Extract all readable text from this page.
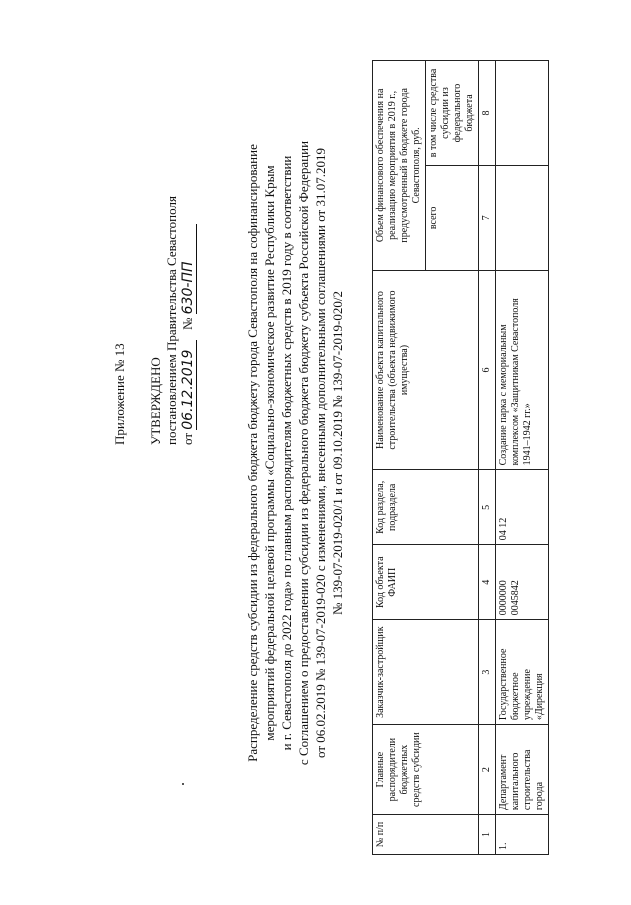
Приложение № 13 УТВЕРЖДЕНО постановлением Правительства Севастополя от 06.12.2019   № 630-ПП	Распределение средств субсидии из федерального бюджета бюджету города Севастополя на софинансирование мероприятий федеральной целевой программы «Социально-экономическое развитие Республики Крым и г. Севастополя до 2022 года» по главным распорядителям бюджетных средств в 2019 году в соответствии с Соглашением о предоставлении субсидии из федерального бюджета бюджету субъекта Российской Федерации от 06.02.2019 № 139-07-2019-020 с изменениями, внесенными дополнительными соглашениями от 31.07.2019 № 139-07-2019-020/1 и от 09.10.2019 № 139-07-2019-020/2
№ п/п	Главные распорядители бюджетных средств субсидии	Заказчик-застройщик	Код объекта ФАИП	Код раздела, подраздела	Наименование объекта капитального строительства (объекта недвижимого имущества)	Объем финансового обеспечения на реализацию мероприятия в 2019 г., предусмотренный в бюджете города Севастополя, руб.	
						всего	в том числе средства субсидии из федерального бюджета
1	2	3	4	5	6	7	8
1.	Департамент капитального строительства города	Государственное бюджетное учреждение «Дирекция	0000000 0045842	04 12	Создание парка с мемориальным комплексом «Защитникам Севастополя 1941–1942 гг.»		
